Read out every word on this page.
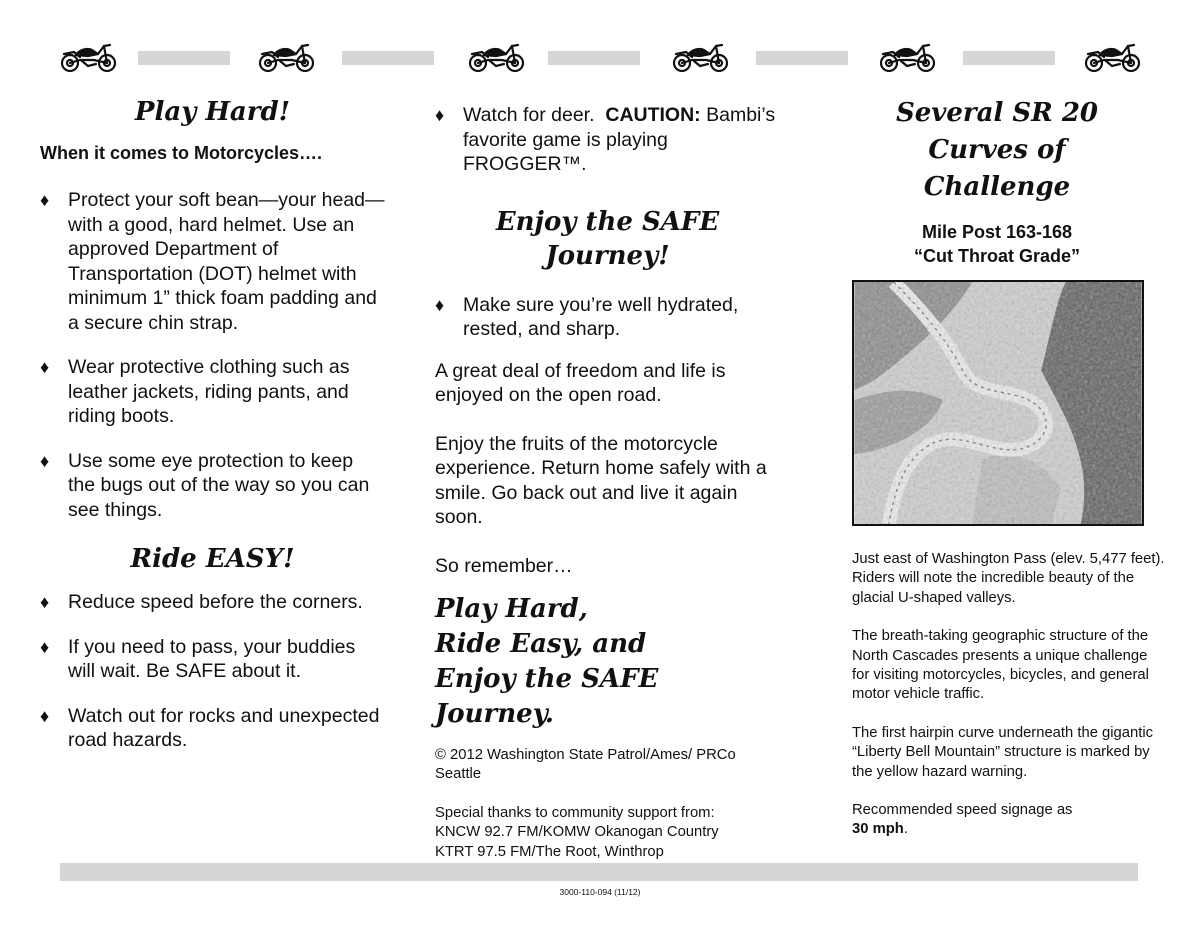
Play Hard!
When it comes to Motorcycles….
♦ Protect your soft bean—your head—with a good, hard helmet. Use an approved Department of Transportation (DOT) helmet with minimum 1” thick foam padding and a secure chin strap.
♦ Wear protective clothing such as leather jackets, riding pants, and riding boots.
♦ Use some eye protection to keep the bugs out of the way so you can see things.
Ride EASY!
♦ Reduce speed before the corners.
♦ If you need to pass, your buddies will wait. Be SAFE about it.
♦ Watch out for rocks and unexpected road hazards.
♦ Watch for deer. CAUTION: Bambi’s favorite game is playing FROGGER™.
Enjoy the SAFE Journey!
♦ Make sure you’re well hydrated, rested, and sharp.
A great deal of freedom and life is enjoyed on the open road.
Enjoy the fruits of the motorcycle experience. Return home safely with a smile. Go back out and live it again soon.
So remember…
Play Hard,
Ride Easy, and
Enjoy the SAFE Journey.
© 2012 Washington State Patrol/Ames/ PRCo Seattle
Special thanks to community support from:
KNCW 92.7 FM/KOMW Okanogan Country
KTRT 97.5 FM/The Root, Winthrop
3000-110-094 (11/12)
Several SR 20
Curves of Challenge
Mile Post 163-168
“Cut Throat Grade”
Just east of Washington Pass (elev. 5,477 feet). Riders will note the incredible beauty of the glacial U-shaped valleys.
The breath-taking geographic structure of the North Cascades presents a unique challenge for visiting motorcycles, bicycles, and general motor vehicle traffic.
The first hairpin curve underneath the gigantic “Liberty Bell Mountain” structure is marked by the yellow hazard warning.
Recommended speed signage as
30 mph.
